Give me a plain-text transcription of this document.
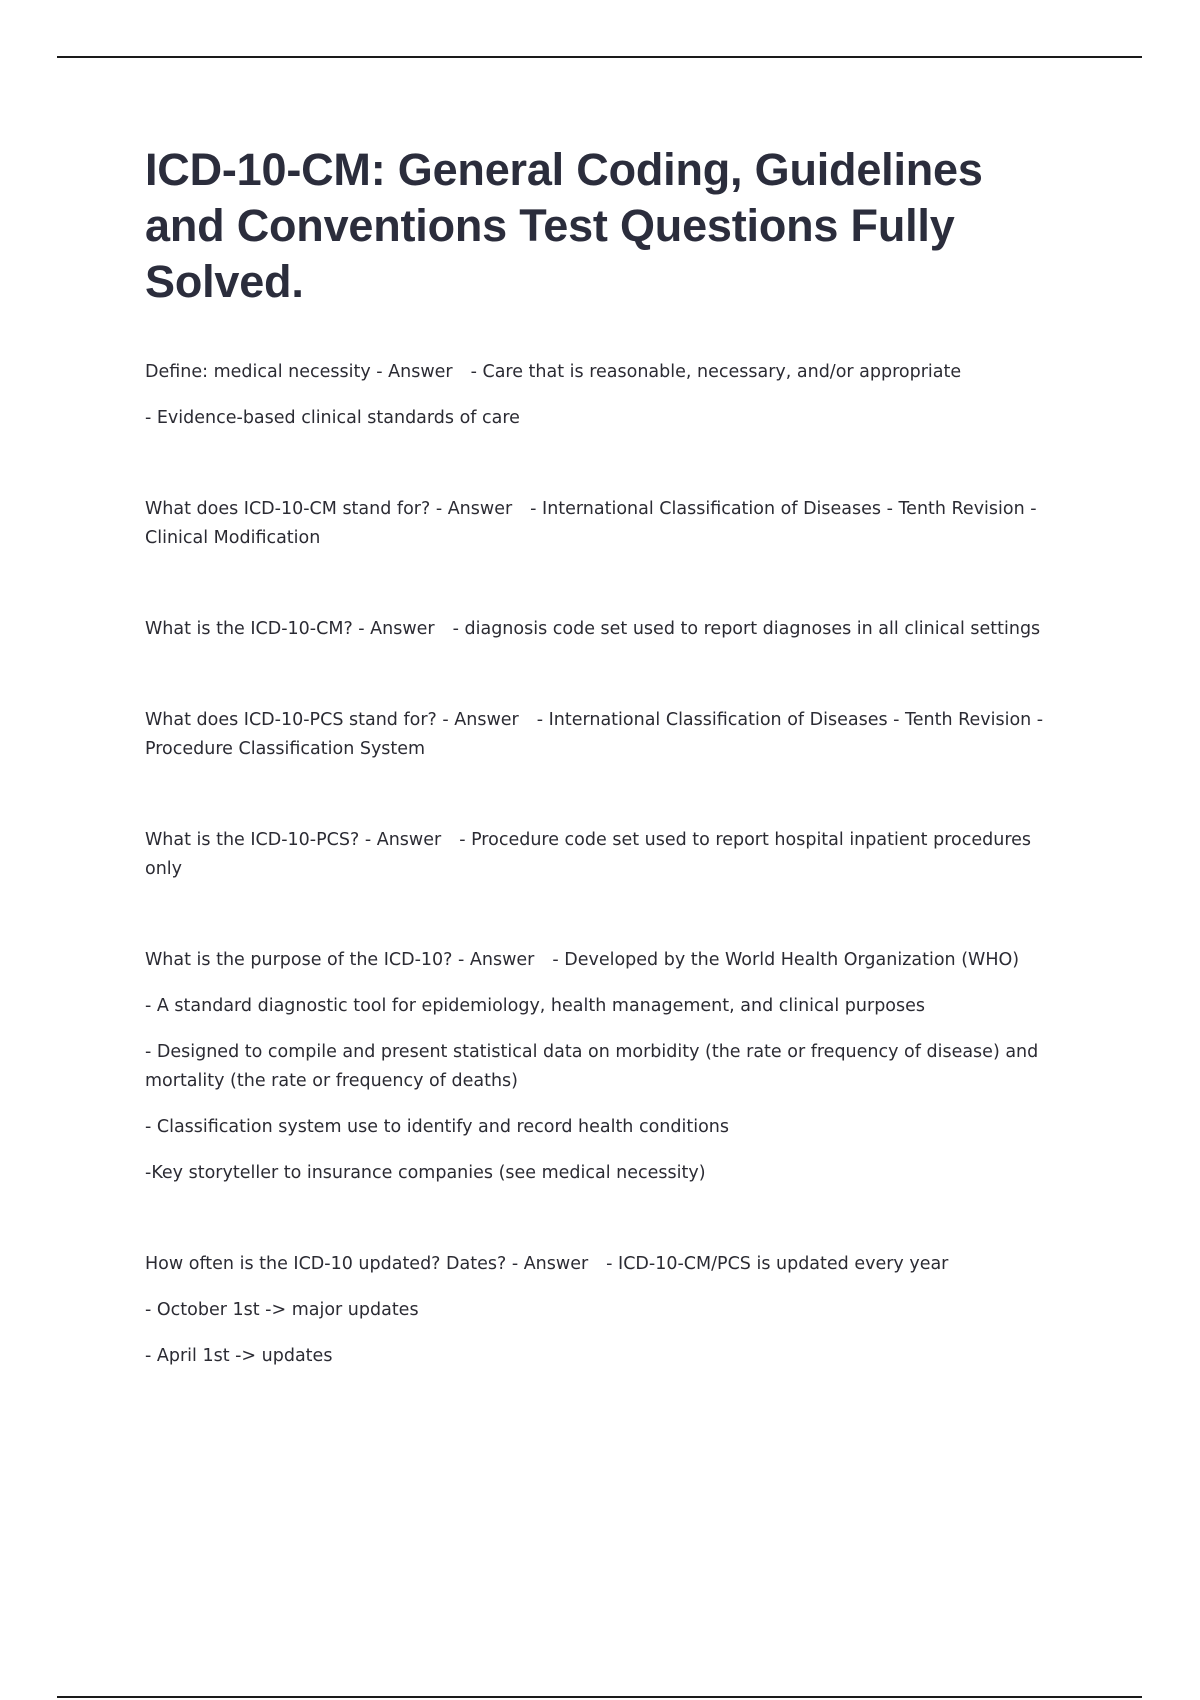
ICD-10-CM: General Coding, Guidelines and Conventions Test Questions Fully Solved.

Define: medical necessity - Answer - Care that is reasonable, necessary, and/or appropriate

- Evidence-based clinical standards of care

What does ICD-10-CM stand for? - Answer - International Classification of Diseases - Tenth Revision - Clinical Modification

What is the ICD-10-CM? - Answer - diagnosis code set used to report diagnoses in all clinical settings

What does ICD-10-PCS stand for? - Answer - International Classification of Diseases - Tenth Revision - Procedure Classification System

What is the ICD-10-PCS? - Answer - Procedure code set used to report hospital inpatient procedures only

What is the purpose of the ICD-10? - Answer - Developed by the World Health Organization (WHO)

- A standard diagnostic tool for epidemiology, health management, and clinical purposes

- Designed to compile and present statistical data on morbidity (the rate or frequency of disease) and mortality (the rate or frequency of deaths)

- Classification system use to identify and record health conditions

-Key storyteller to insurance companies (see medical necessity)

How often is the ICD-10 updated? Dates? - Answer - ICD-10-CM/PCS is updated every year

- October 1st -> major updates

- April 1st -> updates
